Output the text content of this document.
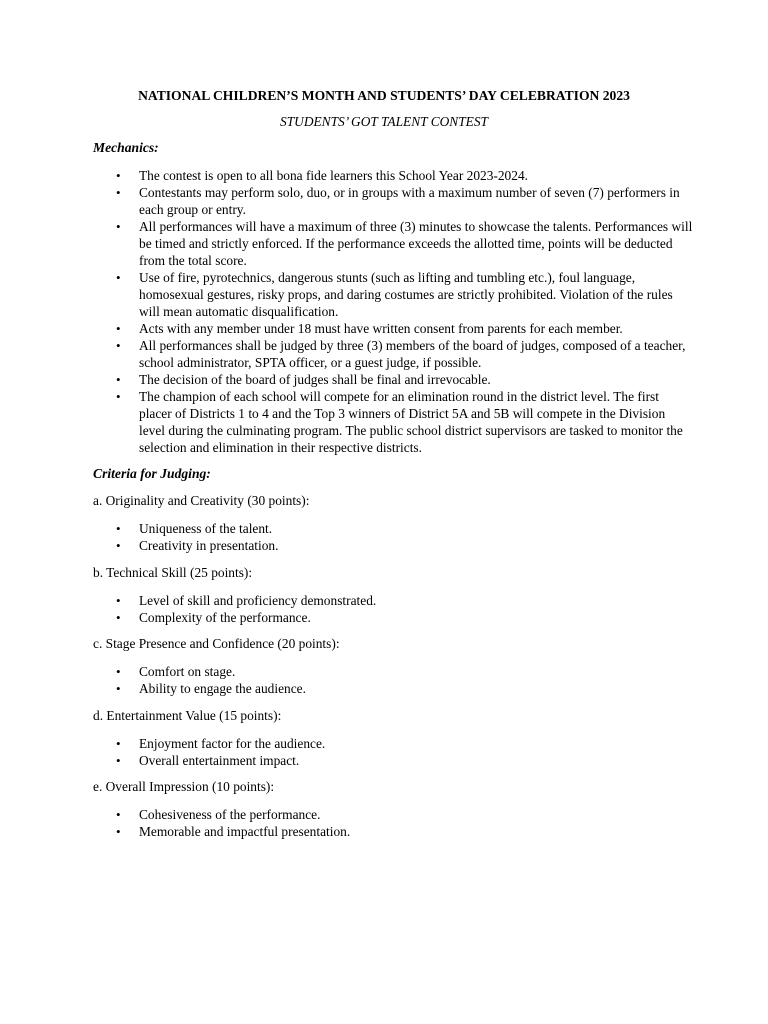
NATIONAL CHILDREN’S MONTH AND STUDENTS’ DAY CELEBRATION 2023
STUDENTS’ GOT TALENT CONTEST
Mechanics:
• The contest is open to all bona fide learners this School Year 2023-2024.
• Contestants may perform solo, duo, or in groups with a maximum number of seven (7) performers in each group or entry.
• All performances will have a maximum of three (3) minutes to showcase the talents. Performances will be timed and strictly enforced. If the performance exceeds the allotted time, points will be deducted from the total score.
• Use of fire, pyrotechnics, dangerous stunts (such as lifting and tumbling etc.), foul language, homosexual gestures, risky props, and daring costumes are strictly prohibited. Violation of the rules will mean automatic disqualification.
• Acts with any member under 18 must have written consent from parents for each member.
• All performances shall be judged by three (3) members of the board of judges, composed of a teacher, school administrator, SPTA officer, or a guest judge, if possible.
• The decision of the board of judges shall be final and irrevocable.
• The champion of each school will compete for an elimination round in the district level. The first placer of Districts 1 to 4 and the Top 3 winners of District 5A and 5B will compete in the Division level during the culminating program. The public school district supervisors are tasked to monitor the selection and elimination in their respective districts.
Criteria for Judging:
a. Originality and Creativity (30 points):
• Uniqueness of the talent.
• Creativity in presentation.
b. Technical Skill (25 points):
• Level of skill and proficiency demonstrated.
• Complexity of the performance.
c. Stage Presence and Confidence (20 points):
• Comfort on stage.
• Ability to engage the audience.
d. Entertainment Value (15 points):
• Enjoyment factor for the audience.
• Overall entertainment impact.
e. Overall Impression (10 points):
• Cohesiveness of the performance.
• Memorable and impactful presentation.
